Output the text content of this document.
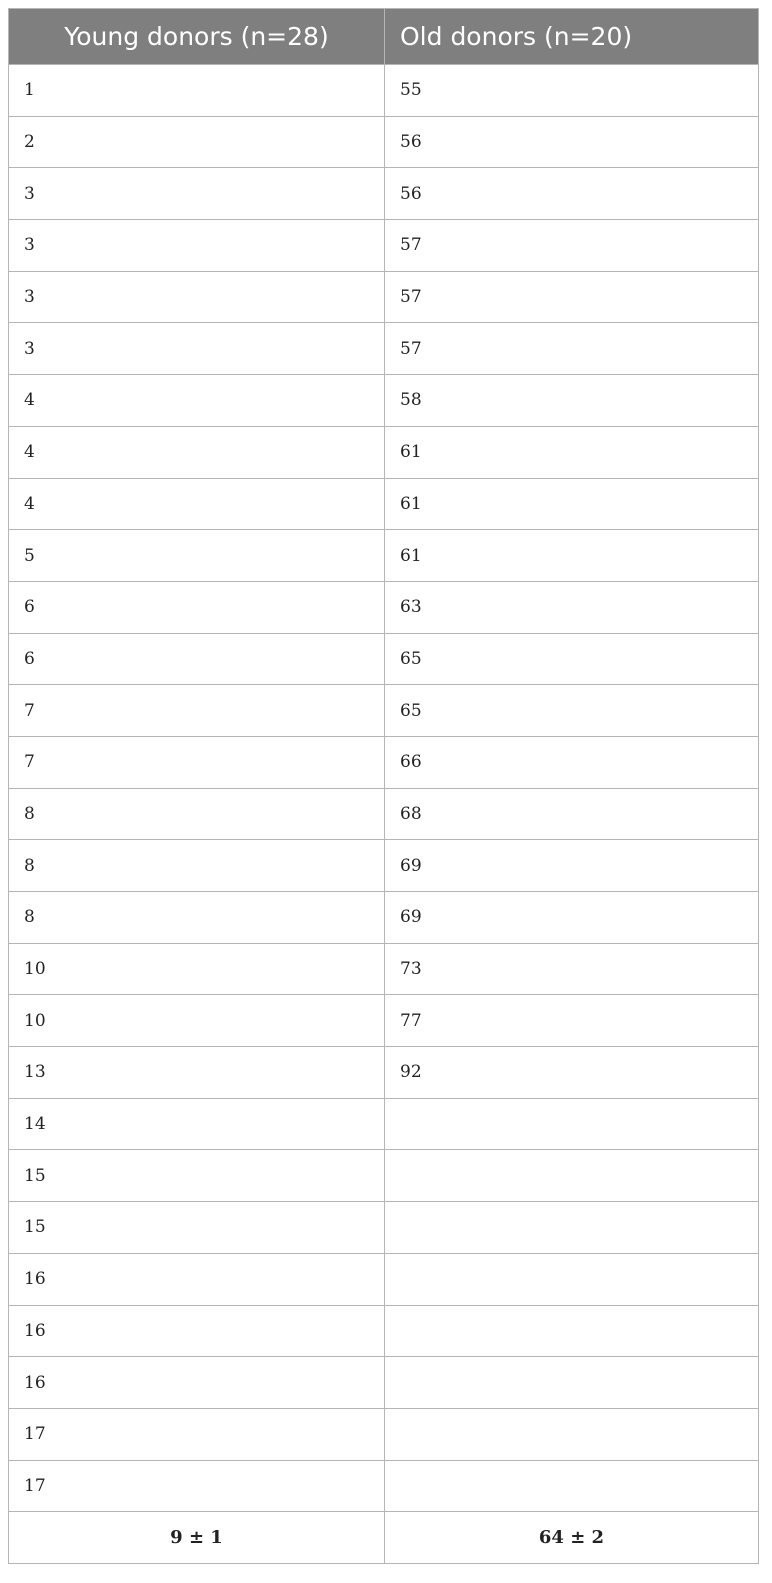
Young donors (n=28)	Old donors (n=20)
1	55
2	56
3	56
3	57
3	57
3	57
4	58
4	61
4	61
5	61
6	63
6	65
7	65
7	66
8	68
8	69
8	69
10	73
10	77
13	92
14	
15	
15	
16	
16	
16	
17	
17	
9 ± 1	64 ± 2
